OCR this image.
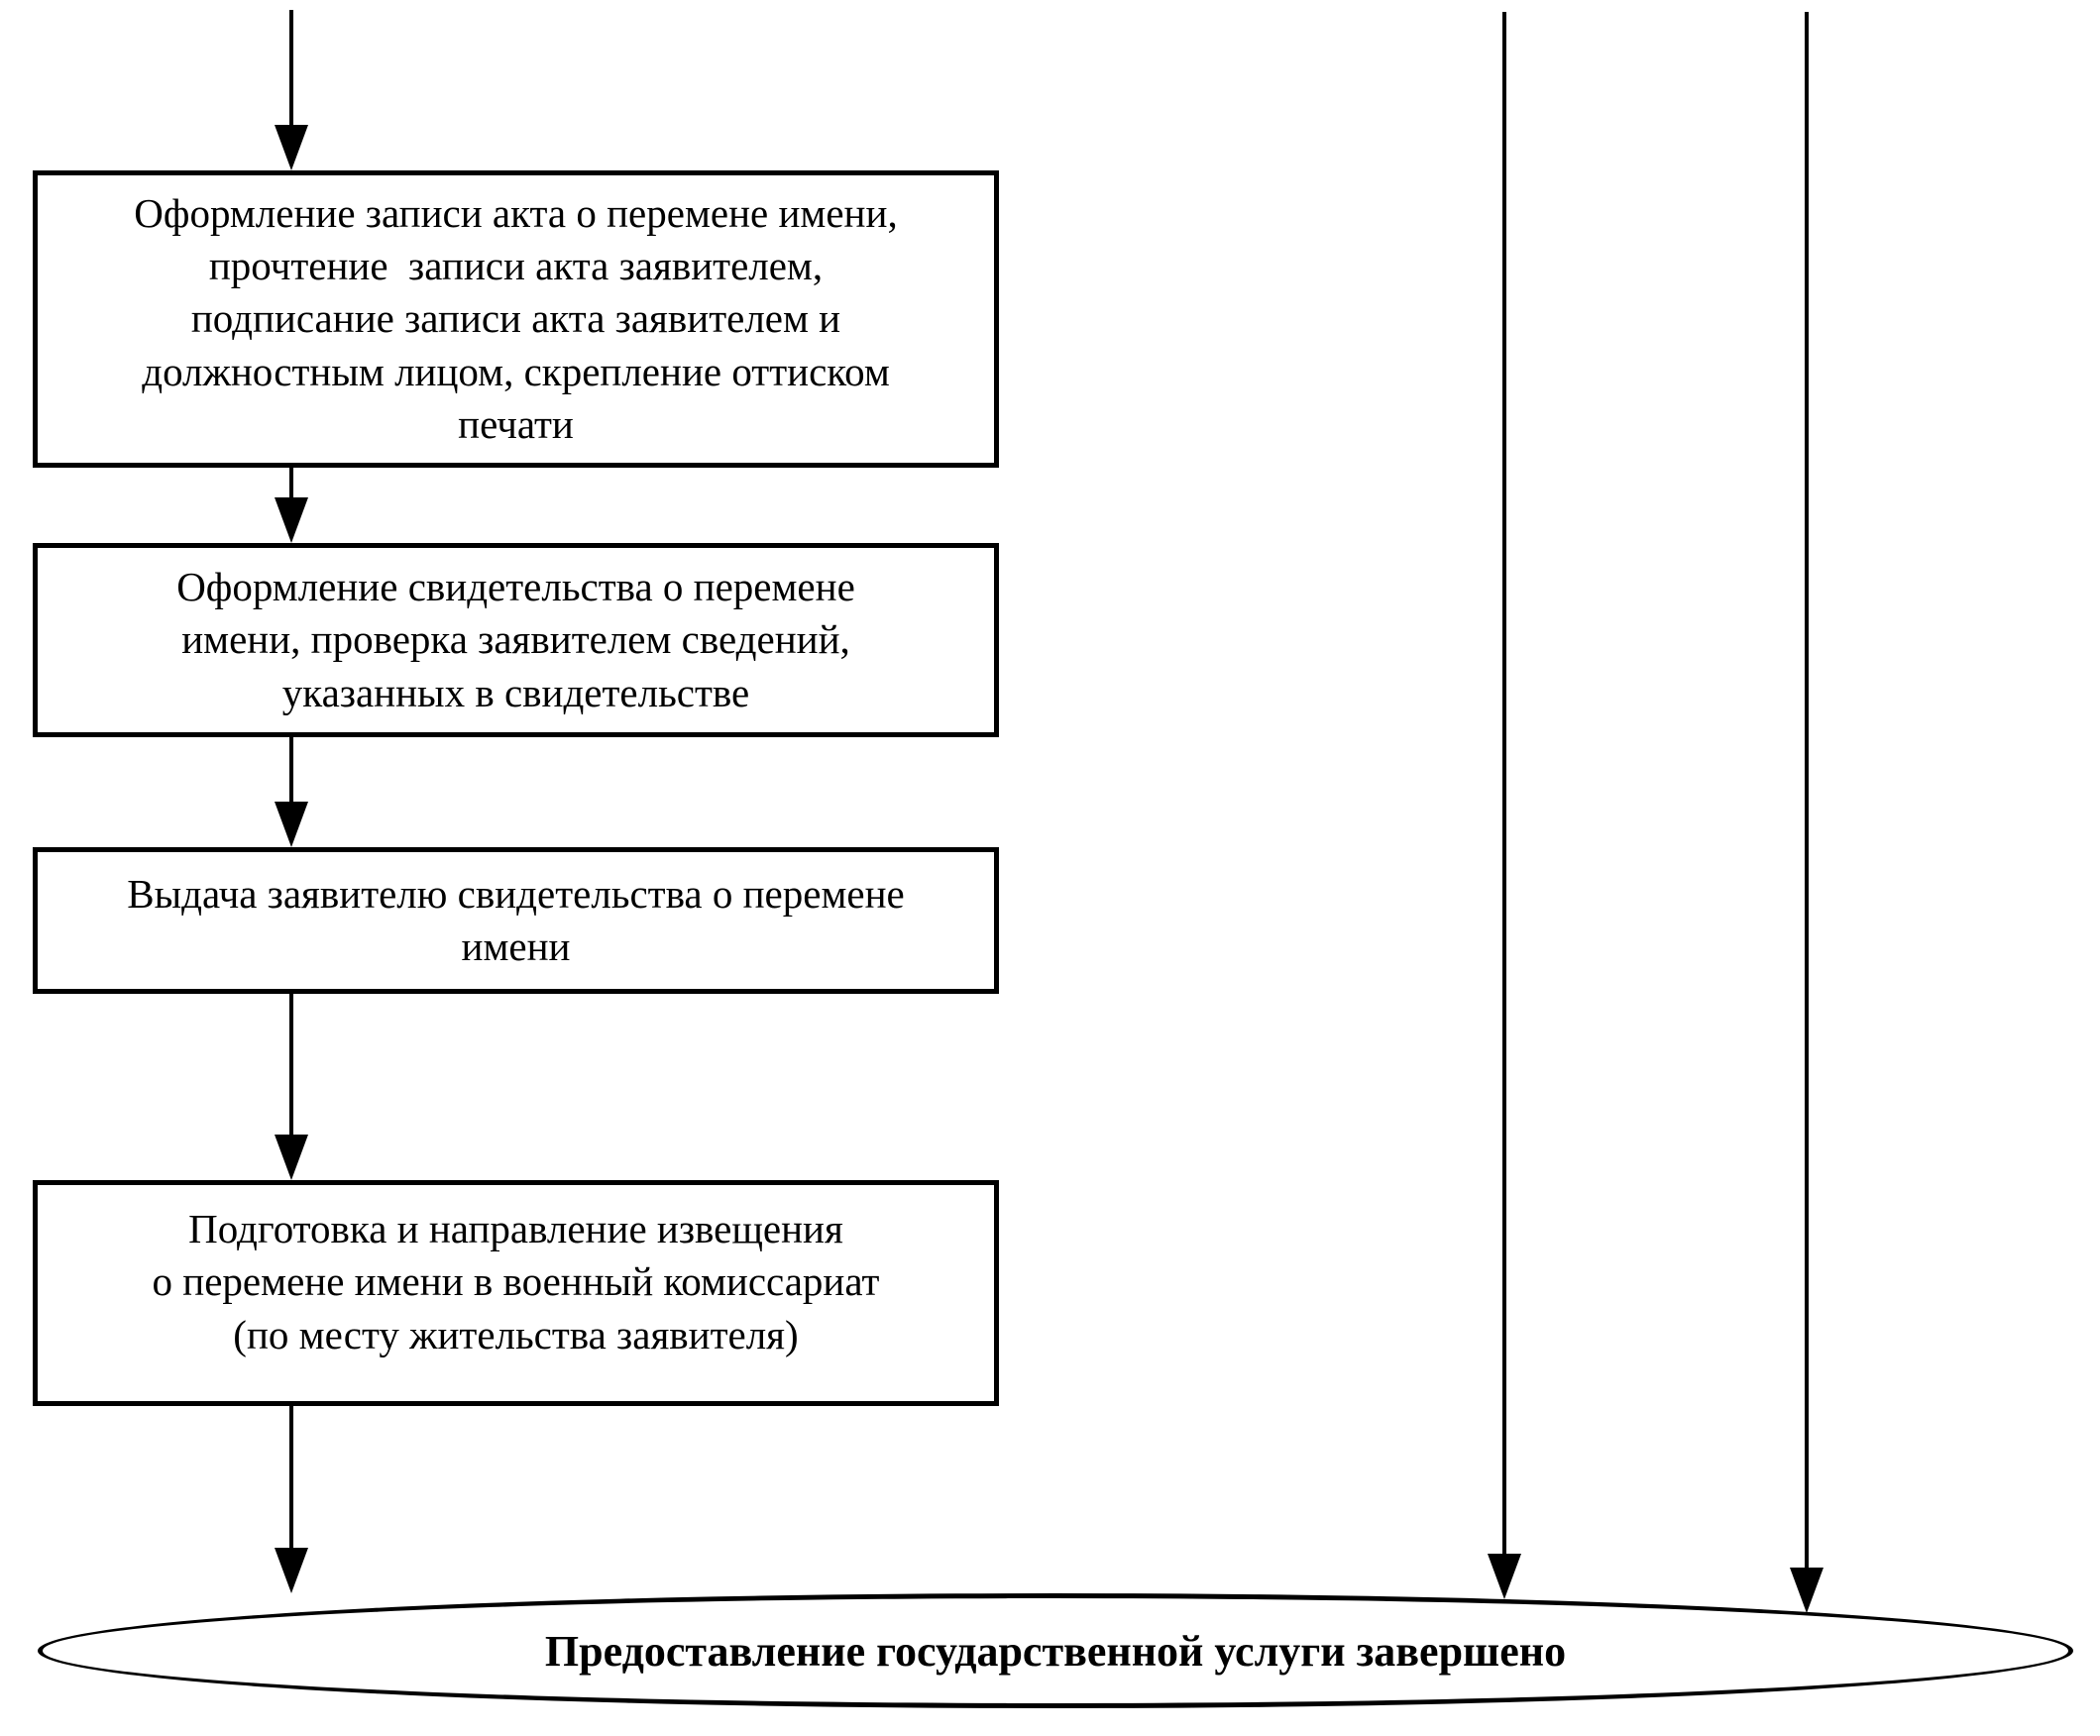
Оформление записи акта о перемене имени,
прочтение  записи акта заявителем,
подписание записи акта заявителем и
должностным лицом, скрепление оттиском
печати
Оформление свидетельства о перемене
имени, проверка заявителем сведений,
указанных в свидетельстве
Выдача заявителю свидетельства о перемене
имени
Подготовка и направление извещения
о перемене имени в военный комиссариат
(по месту жительства заявителя)
Предоставление государственной услуги завершено
